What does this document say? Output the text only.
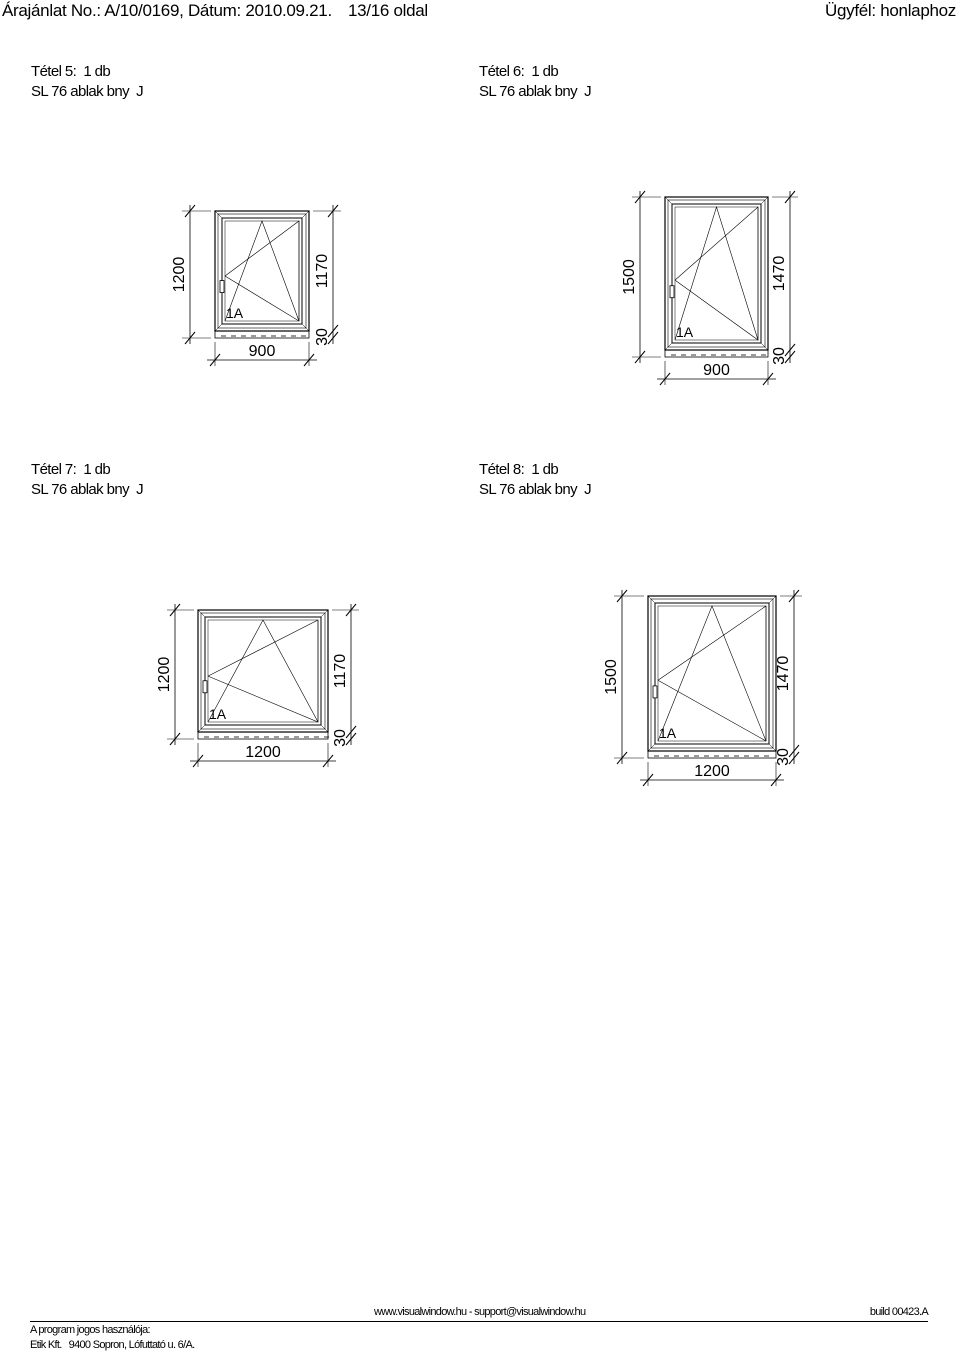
Árajánlat No.: A/10/0169, Dátum: 2010.09.21. 13/16 oldal	Ügyfél: honlaphoz
Tétel 5: 1 db
SL 76 ablak bny  J
Tétel 6: 1 db
SL 76 ablak bny  J
Tétel 7: 1 db
SL 76 ablak bny  J
Tétel 8: 1 db
SL 76 ablak bny  J
1A
1200	1170
30
900
1A
1500	1470
30
900
1A
1200	1170
30
1200
1A
1500	1470
30
1200
www.visualwindow.hu - support@visualwindow.hu	build 00423.A
A program jogos használója:
Etik Kft.   9400 Sopron, Lófuttató u. 6/A.
